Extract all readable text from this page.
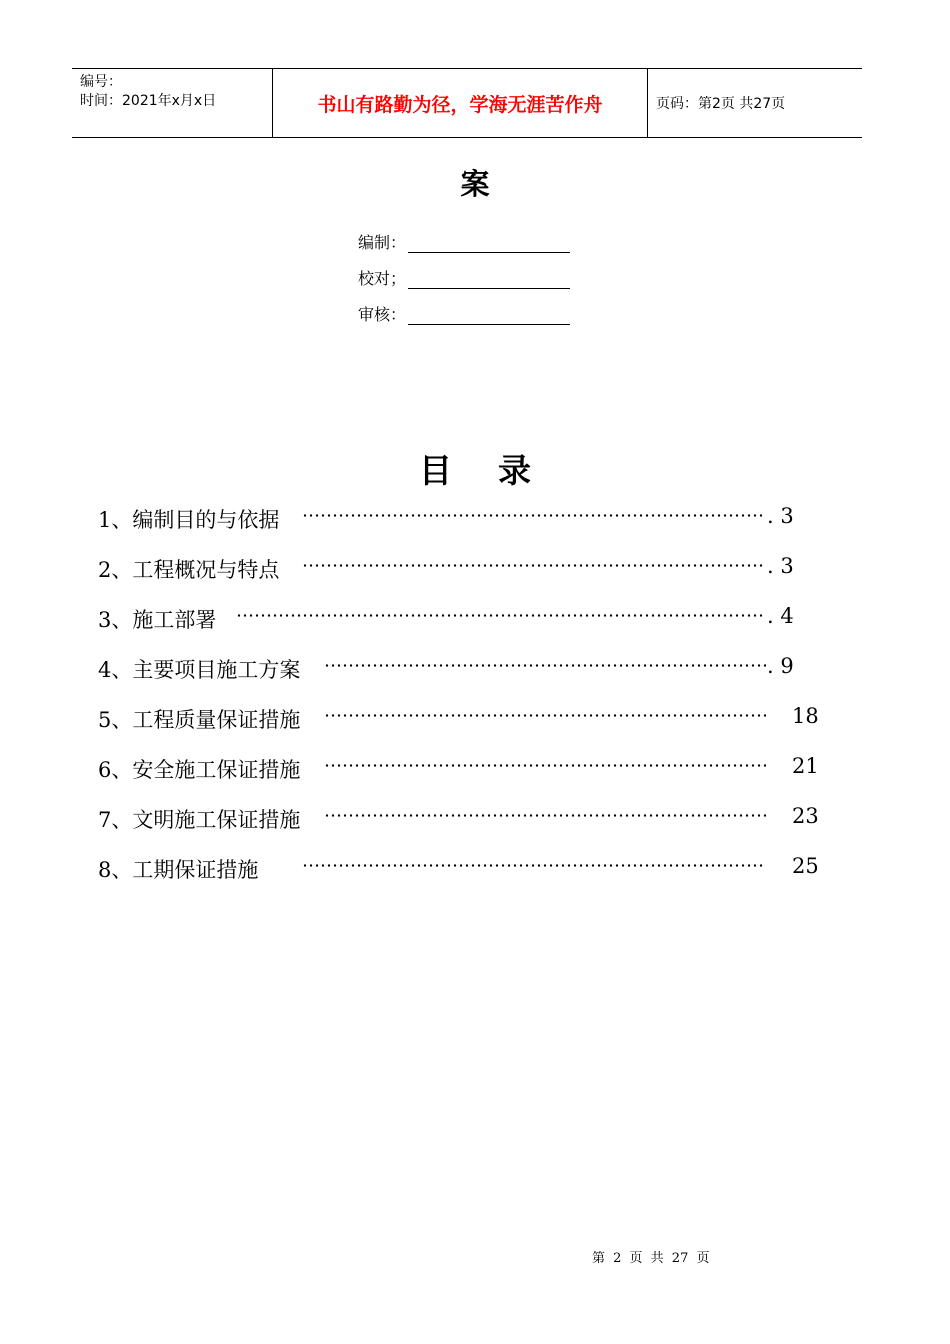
编号：
时间：2021年x月x日	书山有路勤为径，学海无涯苦作舟	页码：第2页 共27页
案
编制：
校对；
审核：
目录
1、编制目的与依据	. 3
2、工程概况与特点	. 3
3、施工部署	. 4
4、主要项目施工方案	. 9
5、工程质量保证措施	18
6、安全施工保证措施	21
7、文明施工保证措施	23
8、工期保证措施	25
第 2 页 共 27 页
